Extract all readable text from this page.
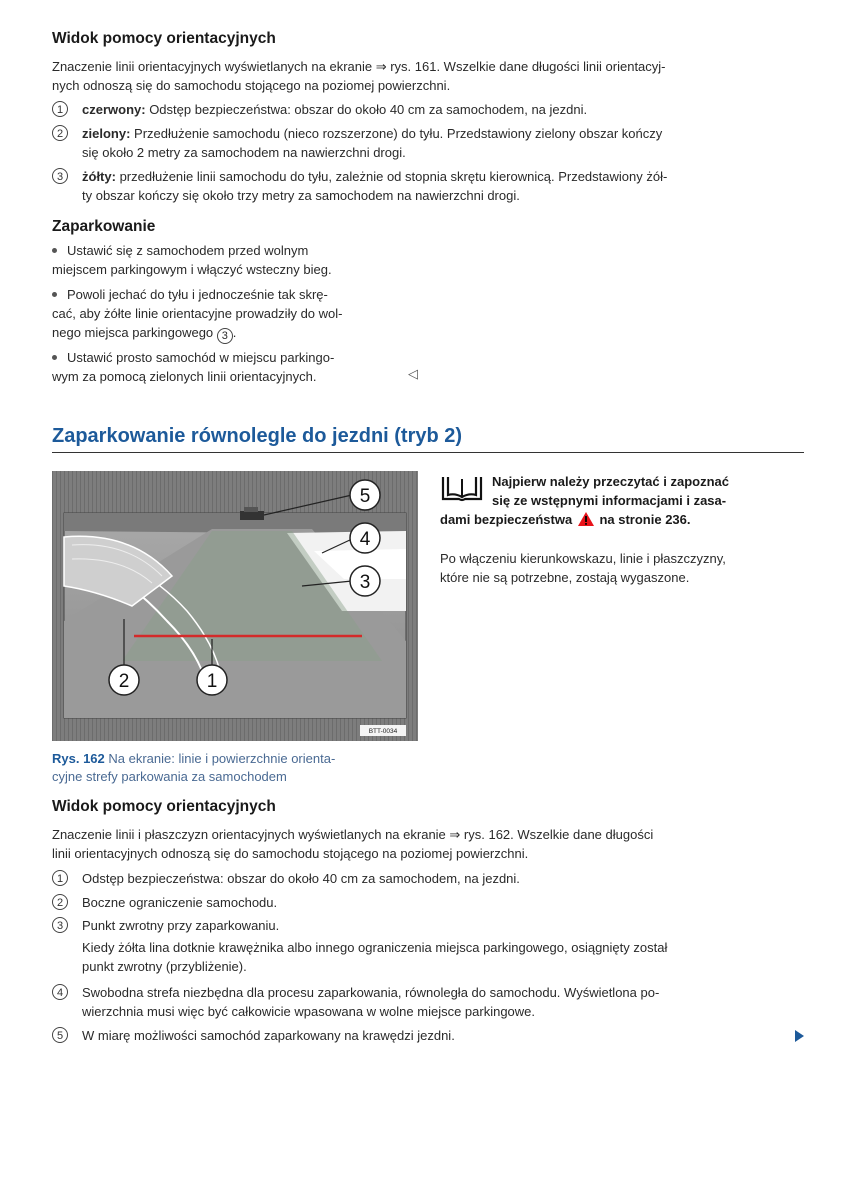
Widok pomocy orientacyjnych
Znaczenie linii orientacyjnych wyświetlanych na ekranie ⇒ rys. 161. Wszelkie dane długości linii orientacyj-
nych odnoszą się do samochodu stojącego na poziomej powierzchni.
1	czerwony: Odstęp bezpieczeństwa: obszar do około 40 cm za samochodem, na jezdni.
2	zielony: Przedłużenie samochodu (nieco rozszerzone) do tyłu. Przedstawiony zielony obszar kończy
się około 2 metry za samochodem na nawierzchni drogi.
3	żółty: przedłużenie linii samochodu do tyłu, zależnie od stopnia skrętu kierownicą. Przedstawiony żół-
ty obszar kończy się około trzy metry za samochodem na nawierzchni drogi.
Zaparkowanie
Ustawić się z samochodem przed wolnym
miejscem parkingowym i włączyć wsteczny bieg.
Powoli jechać do tyłu i jednocześnie tak skrę-
cać, aby żółte linie orientacyjne prowadziły do wol-
nego miejsca parkingowego 3 .
Ustawić prosto samochód w miejscu parkingo-
wym za pomocą zielonych linii orientacyjnych.	◁
Zaparkowanie równolegle do jezdni (tryb 2)
5
4
3
2	1
BTT-0034
Rys. 162 Na ekranie: linie i powierzchnie orienta-
cyjne strefy parkowania za samochodem
Najpierw należy przeczytać i zapoznać
się ze wstępnymi informacjami i zasa-
dami bezpieczeństwa na stronie 236.
Po włączeniu kierunkowskazu, linie i płaszczyzny,
które nie są potrzebne, zostają wygaszone.
Widok pomocy orientacyjnych
Znaczenie linii i płaszczyzn orientacyjnych wyświetlanych na ekranie ⇒ rys. 162. Wszelkie dane długości
linii orientacyjnych odnoszą się do samochodu stojącego na poziomej powierzchni.
1	Odstęp bezpieczeństwa: obszar do około 40 cm za samochodem, na jezdni.
2	Boczne ograniczenie samochodu.
3	Punkt zwrotny przy zaparkowaniu.
Kiedy żółta lina dotknie krawężnika albo innego ograniczenia miejsca parkingowego, osiągnięty został
punkt zwrotny (przybliżenie).
4	Swobodna strefa niezbędna dla procesu zaparkowania, równoległa do samochodu. Wyświetlona po-
wierzchnia musi więc być całkowicie wpasowana w wolne miejsce parkingowe.
5	W miarę możliwości samochód zaparkowany na krawędzi jezdni.
